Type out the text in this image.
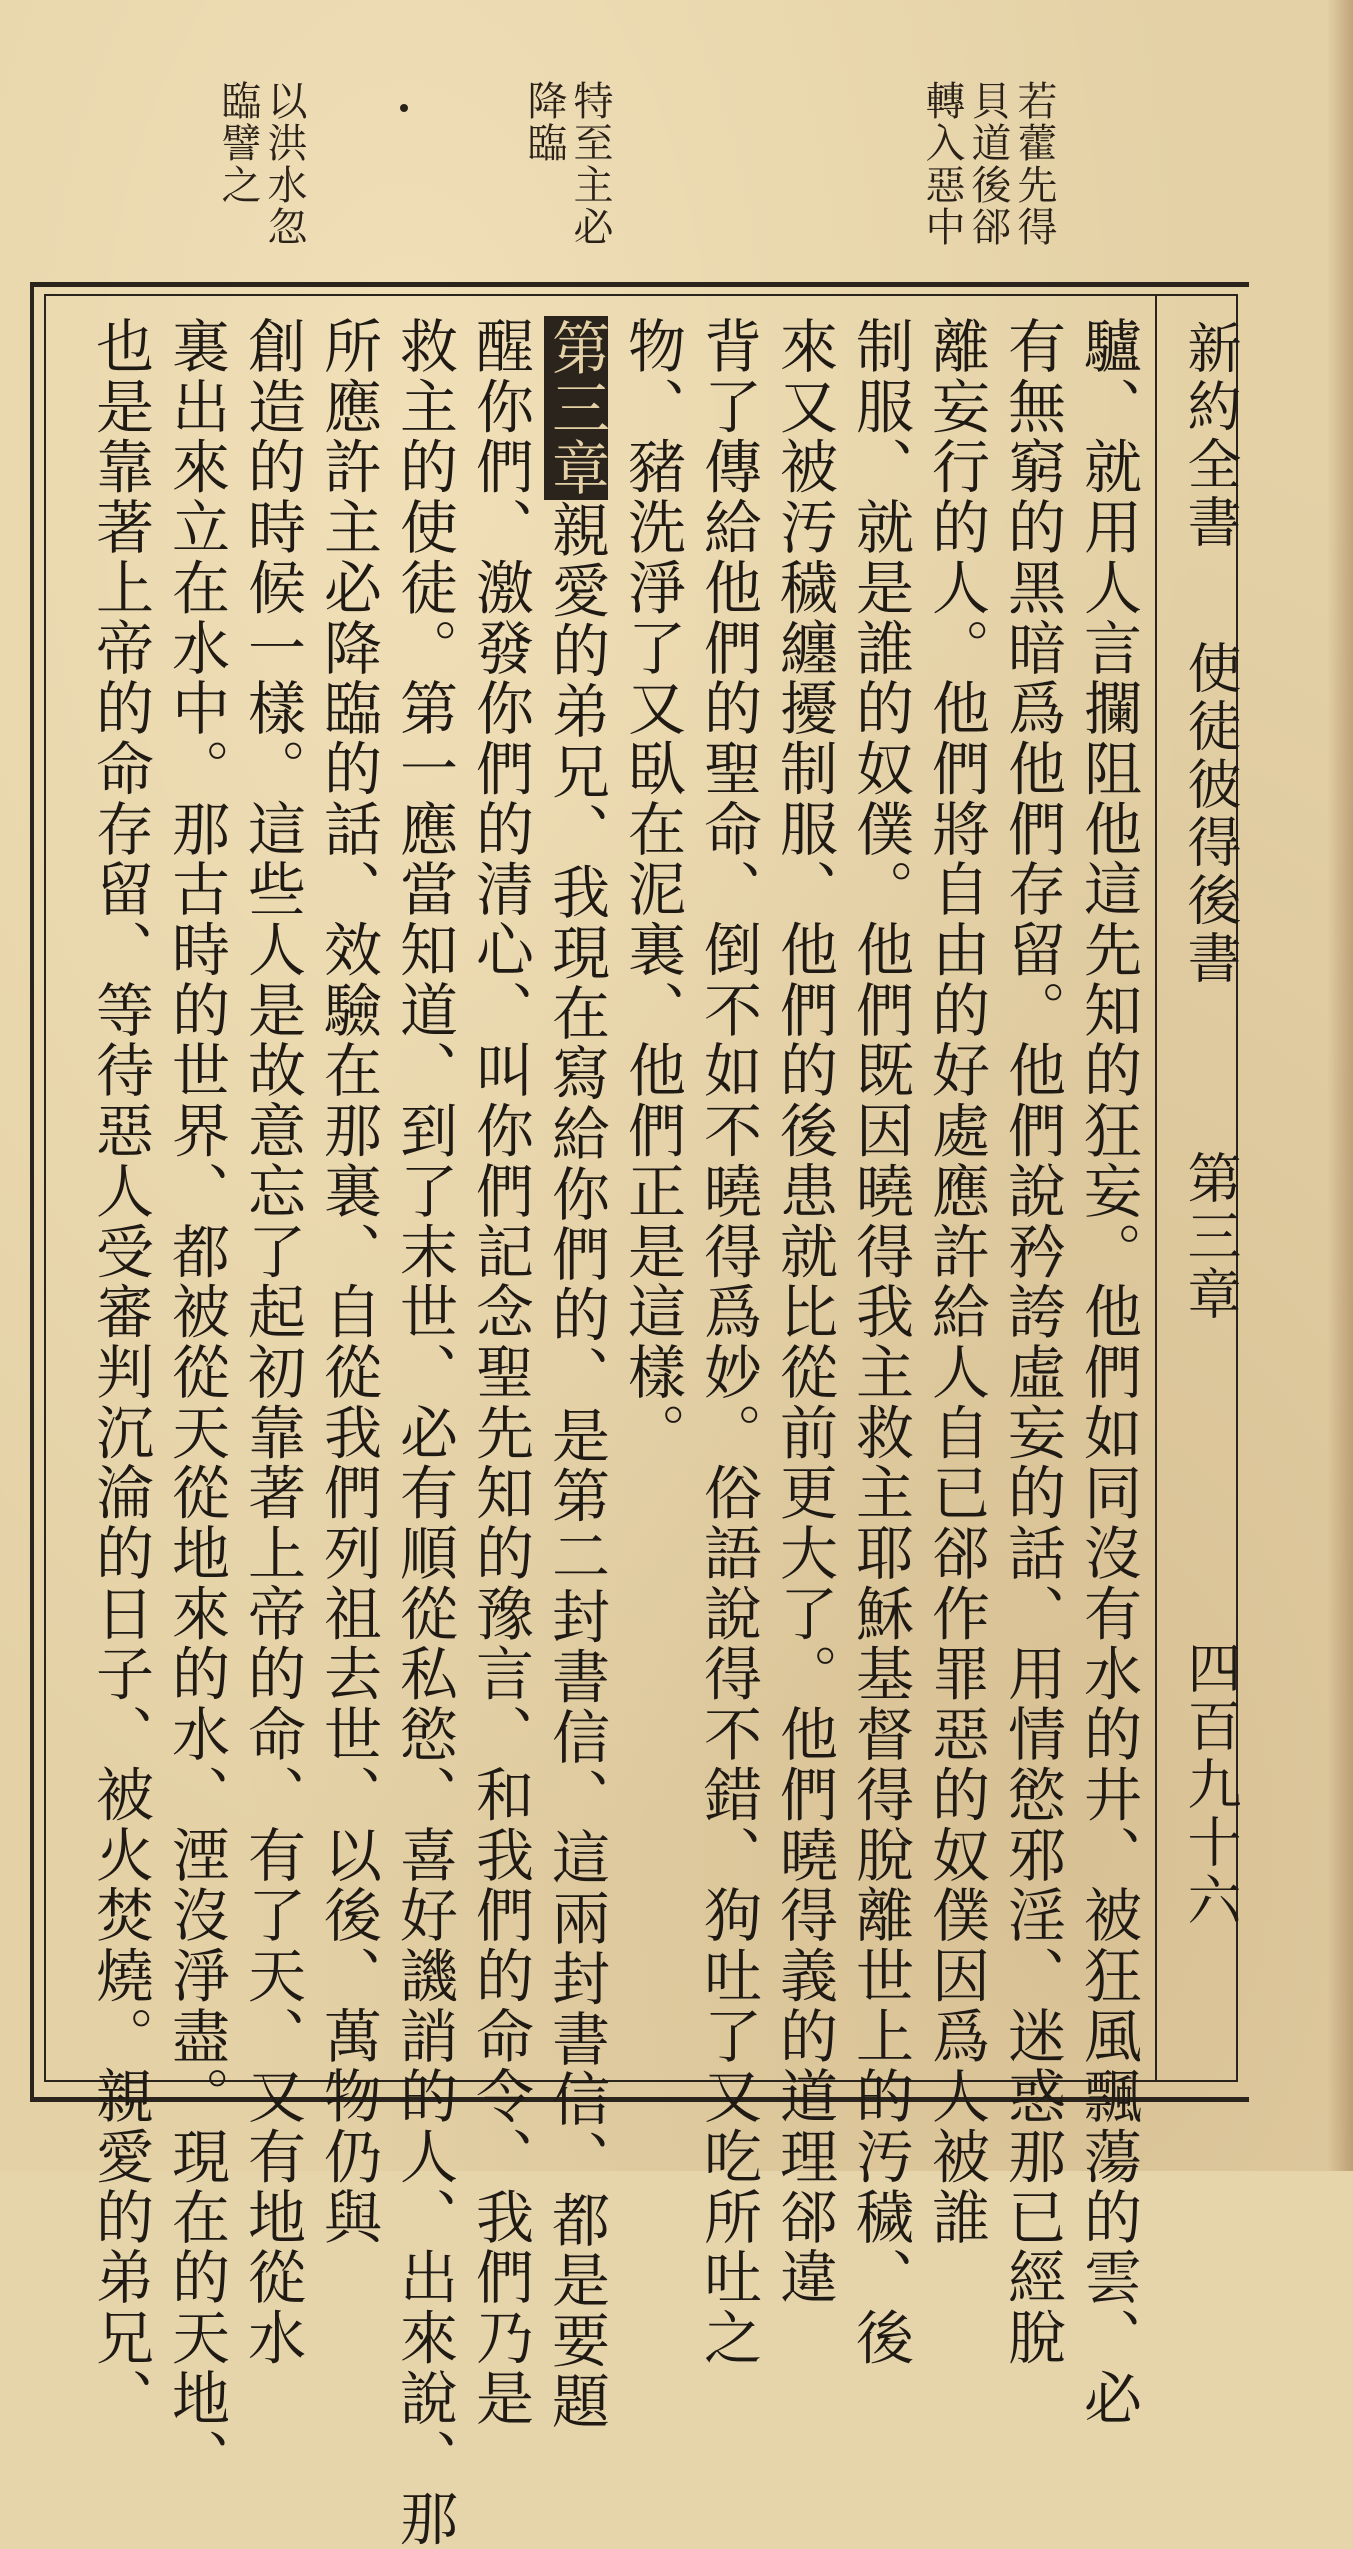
若藿先得
貝道後郤
轉入惡中
特至主必
降臨
以洪水忽
臨譬之
新約全書
使徒彼得後書
第三章
四百九十六
驢、就用人言攔阻他這先知的狂妄。他們如同沒有水的井、被狂風飄蕩的雲、必
有無窮的黑暗爲他們存留。他們說矜誇虛妄的話、用情慾邪淫、迷惑那已經脫
離妄行的人。他們將自由的好處應許給人自已郤作罪惡的奴僕因爲人被誰
制服、就是誰的奴僕。他們既因曉得我主救主耶穌基督得脫離世上的汚穢、後
來又被汚穢纏擾制服、他們的後患就比從前更大了。他們曉得義的道理郤違
背了傳給他們的聖命、倒不如不曉得爲妙。俗語說得不錯、狗吐了又吃所吐之
物、豬洗淨了又臥在泥裏、他們正是這樣。
第三章親愛的弟兄、我現在寫給你們的、是第二封書信、這兩封書信、都是要題
醒你們、激發你們的清心、叫你們記念聖先知的豫言、和我們的命令、我們乃是
救主的使徒。第一應當知道、到了末世、必有順從私慾、喜好譏誚的人、出來說、那
所應許主必降臨的話、效驗在那裏、自從我們列祖去世、以後、萬物仍與
創造的時候一樣。這些人是故意忘了起初靠著上帝的命、有了天、又有地從水
裏出來立在水中。那古時的世界、都被從天從地來的水、湮沒淨盡。現在的天地、
也是靠著上帝的命存留、等待惡人受審判沉淪的日子、被火焚燒。親愛的弟兄、
